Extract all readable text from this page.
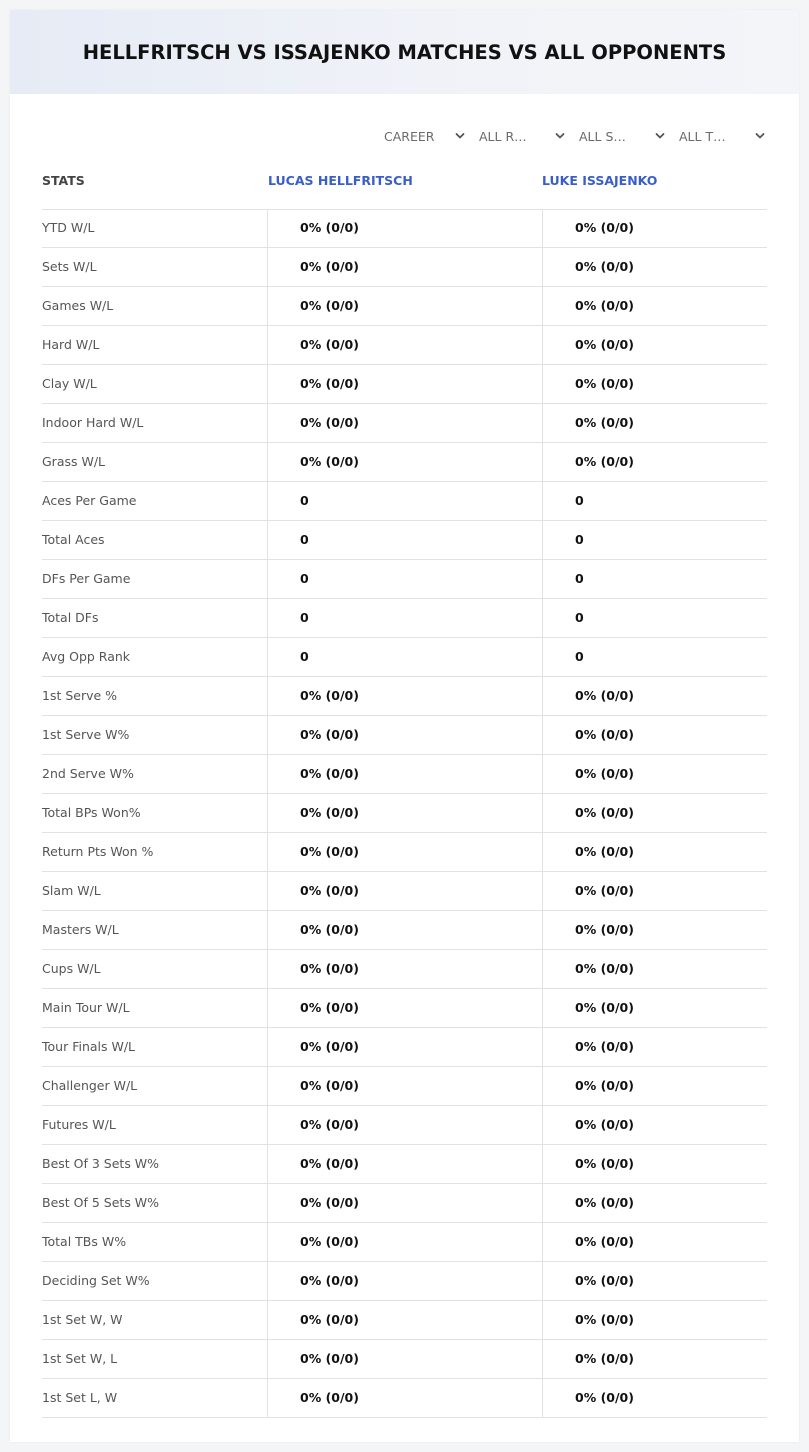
HELLFRITSCH VS ISSAJENKO MATCHES VS ALL OPPONENTS
CAREER	ALL R…	ALL S…	ALL T…
STATS	LUCAS HELLFRITSCH	LUKE ISSAJENKO
YTD W/L	0% (0/0)	0% (0/0)
Sets W/L	0% (0/0)	0% (0/0)
Games W/L	0% (0/0)	0% (0/0)
Hard W/L	0% (0/0)	0% (0/0)
Clay W/L	0% (0/0)	0% (0/0)
Indoor Hard W/L	0% (0/0)	0% (0/0)
Grass W/L	0% (0/0)	0% (0/0)
Aces Per Game	0	0
Total Aces	0	0
DFs Per Game	0	0
Total DFs	0	0
Avg Opp Rank	0	0
1st Serve %	0% (0/0)	0% (0/0)
1st Serve W%	0% (0/0)	0% (0/0)
2nd Serve W%	0% (0/0)	0% (0/0)
Total BPs Won%	0% (0/0)	0% (0/0)
Return Pts Won %	0% (0/0)	0% (0/0)
Slam W/L	0% (0/0)	0% (0/0)
Masters W/L	0% (0/0)	0% (0/0)
Cups W/L	0% (0/0)	0% (0/0)
Main Tour W/L	0% (0/0)	0% (0/0)
Tour Finals W/L	0% (0/0)	0% (0/0)
Challenger W/L	0% (0/0)	0% (0/0)
Futures W/L	0% (0/0)	0% (0/0)
Best Of 3 Sets W%	0% (0/0)	0% (0/0)
Best Of 5 Sets W%	0% (0/0)	0% (0/0)
Total TBs W%	0% (0/0)	0% (0/0)
Deciding Set W%	0% (0/0)	0% (0/0)
1st Set W, W	0% (0/0)	0% (0/0)
1st Set W, L	0% (0/0)	0% (0/0)
1st Set L, W	0% (0/0)	0% (0/0)
